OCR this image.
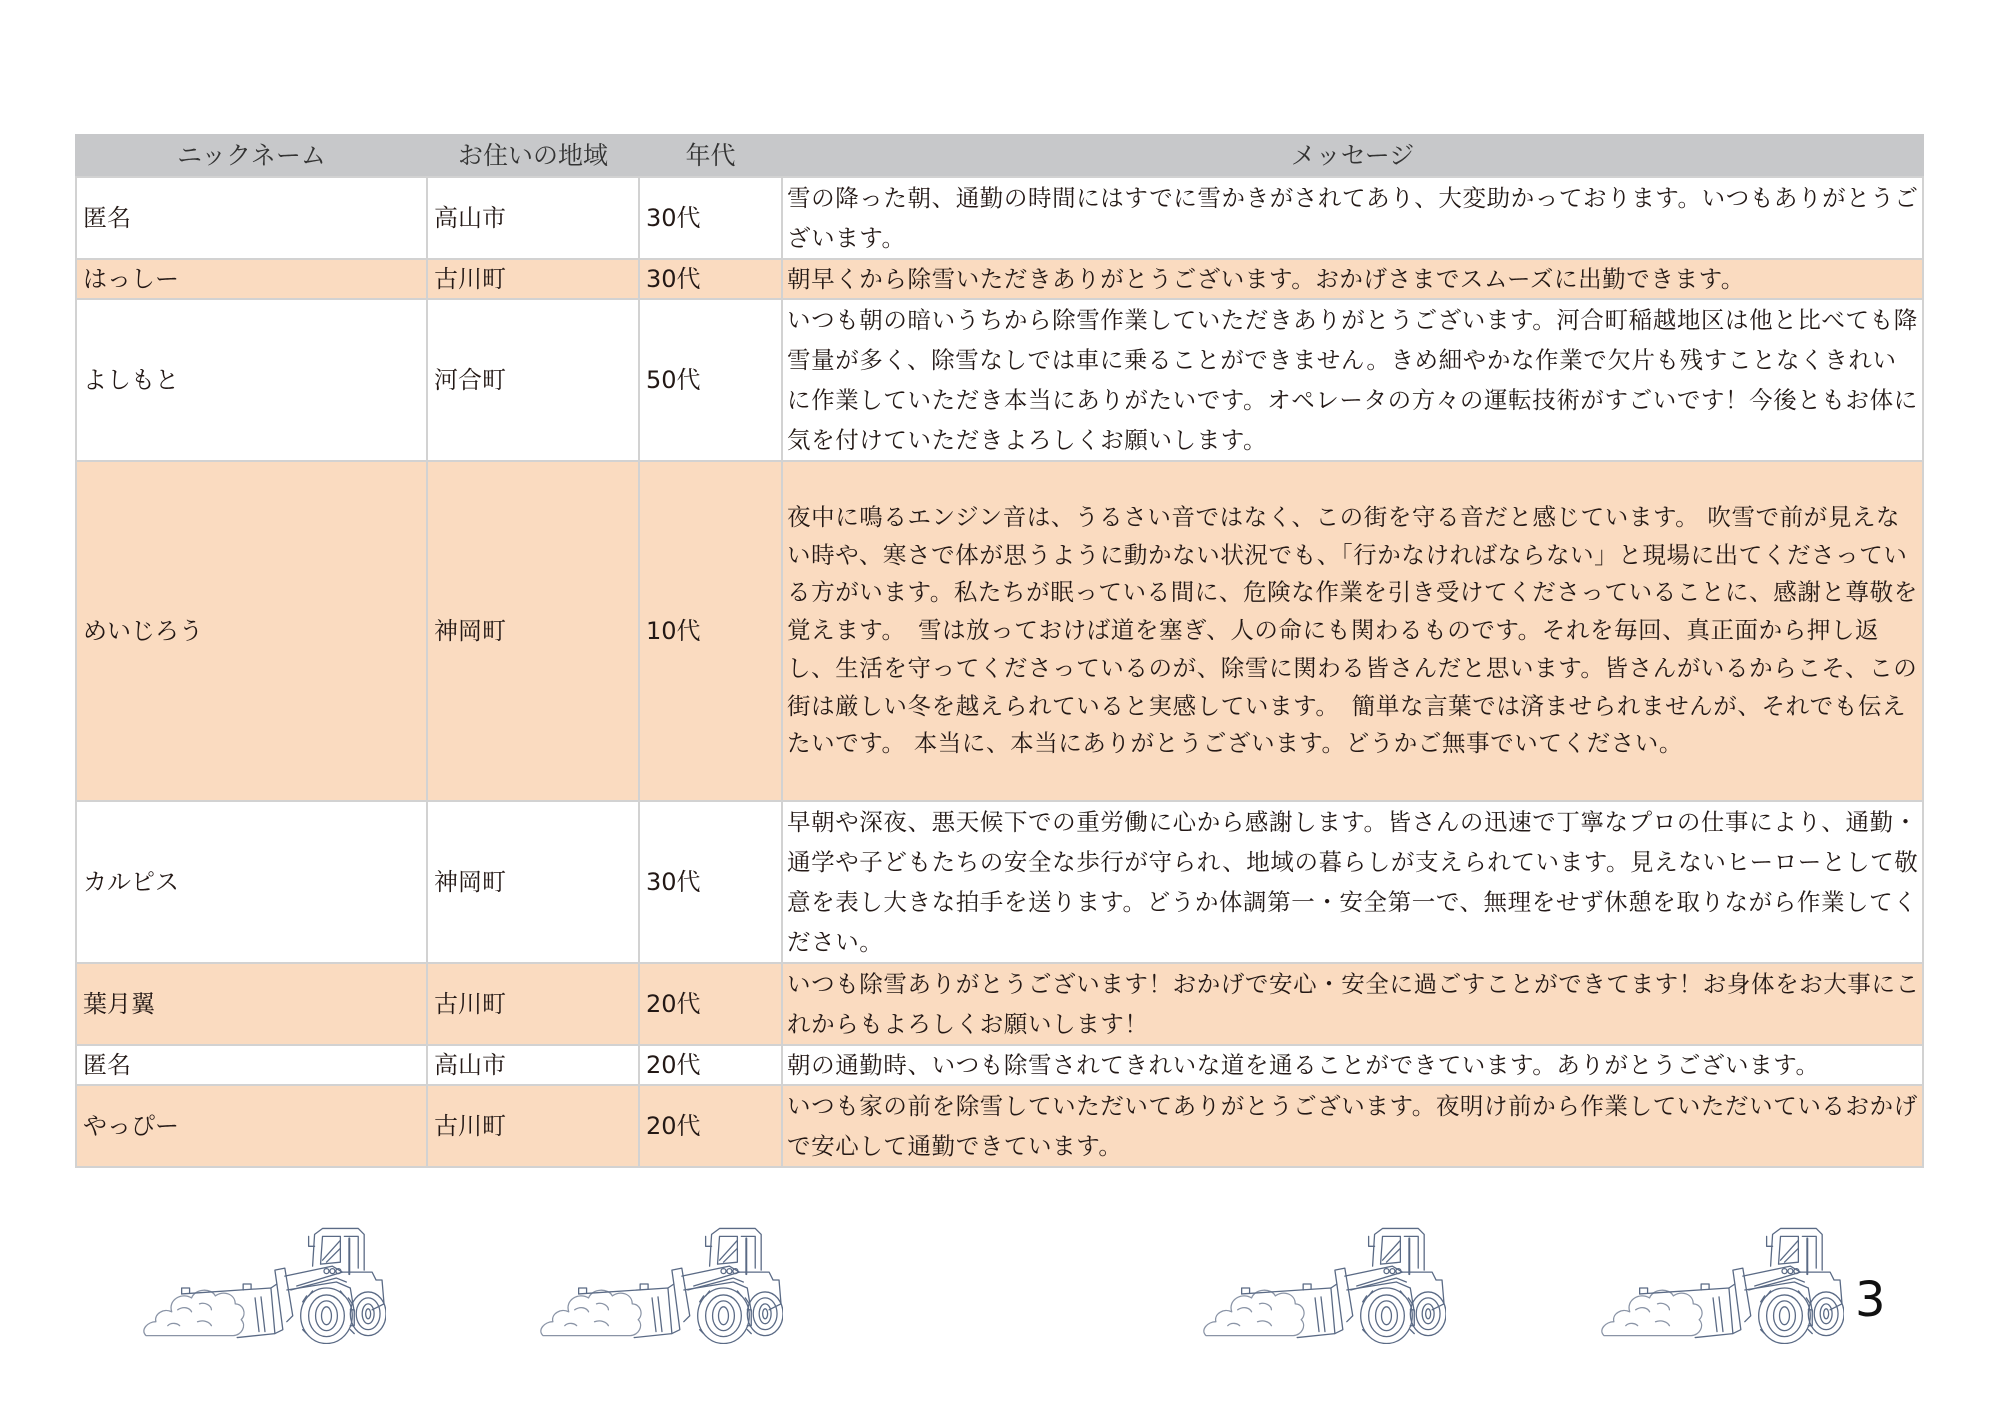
ニックネーム	お住いの地域	年代	メッセージ
匿名	高山市	30代	雪の降った朝、通勤の時間にはすでに雪かきがされてあり、大変助かっております。いつもありがとうございます。
はっしー	古川町	30代	朝早くから除雪いただきありがとうございます。おかげさまでスムーズに出勤できます。
よしもと	河合町	50代	いつも朝の暗いうちから除雪作業していただきありがとうございます。河合町稲越地区は他と比べても降雪量が多く、除雪なしでは車に乗ることができません。きめ細やかな作業で欠片も残すことなくきれいに作業していただき本当にありがたいです。オペレータの方々の運転技術がすごいです！今後ともお体に気を付けていただきよろしくお願いします。
めいじろう	神岡町	10代	夜中に鳴るエンジン音は、うるさい音ではなく、この街を守る音だと感じています。 吹雪で前が見えない時や、寒さで体が思うように動かない状況でも、「行かなければならない」と現場に出てくださっている方がいます。私たちが眠っている間に、危険な作業を引き受けてくださっていることに、感謝と尊敬を覚えます。　雪は放っておけば道を塞ぎ、人の命にも関わるものです。それを毎回、真正面から押し返し、生活を守ってくださっているのが、除雪に関わる皆さんだと思います。皆さんがいるからこそ、この街は厳しい冬を越えられていると実感しています。　簡単な言葉では済ませられませんが、それでも伝えたいです。 本当に、本当にありがとうございます。どうかご無事でいてください。
カルピス	神岡町	30代	早朝や深夜、悪天候下での重労働に心から感謝します。皆さんの迅速で丁寧なプロの仕事により、通勤・通学や子どもたちの安全な歩行が守られ、地域の暮らしが支えられています。見えないヒーローとして敬意を表し大きな拍手を送ります。どうか体調第一・安全第一で、無理をせず休憩を取りながら作業してください。
葉月翼	古川町	20代	いつも除雪ありがとうございます！おかげで安心・安全に過ごすことができてます！お身体をお大事にこれからもよろしくお願いします！
匿名	高山市	20代	朝の通勤時、いつも除雪されてきれいな道を通ることができています。ありがとうございます。
やっぴー	古川町	20代	いつも家の前を除雪していただいてありがとうございます。夜明け前から作業していただいているおかげで安心して通勤できています。
3
